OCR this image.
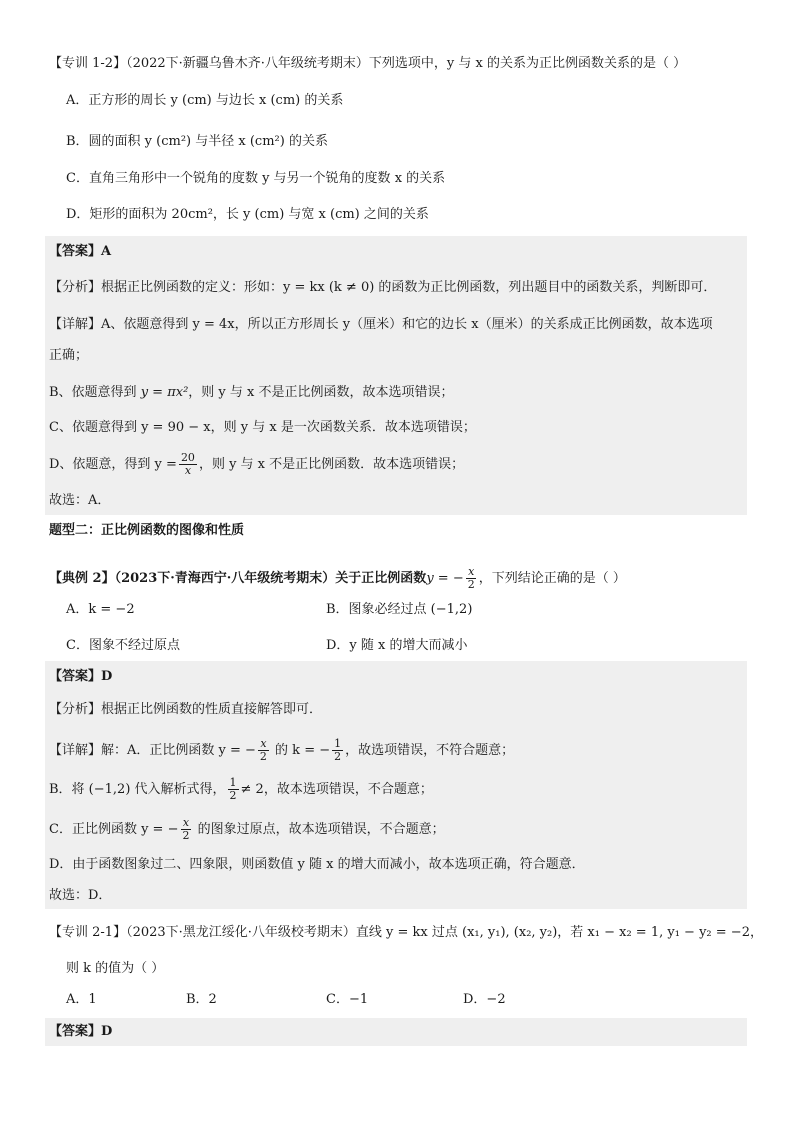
【专训 1-2】（2022下·新疆乌鲁木齐·八年级统考期末）下列选项中，y 与 x 的关系为正比例函数关系的是（ ）
A．正方形的周长 y (cm) 与边长 x (cm) 的关系
B．圆的面积 y (cm²) 与半径 x (cm²) 的关系
C．直角三角形中一个锐角的度数 y 与另一个锐角的度数 x 的关系
D．矩形的面积为 20cm²，长 y (cm) 与宽 x (cm) 之间的关系
【答案】A
【分析】根据正比例函数的定义：形如：y = kx (k ≠ 0) 的函数为正比例函数，列出题目中的函数关系，判断即可．
【详解】A、依题意得到 y = 4x，所以正方形周长 y（厘米）和它的边长 x（厘米）的关系成正比例函数，故本选项
正确；
B、依题意得到 y = πx²，则 y 与 x 不是正比例函数，故本选项错误；
C、依题意得到 y = 90 − x，则 y 与 x 是一次函数关系．故本选项错误；
D、依题意，得到 $y = \frac{20}{x}$ ，则 y 与 x 不是正比例函数．故本选项错误；
故选：A．
题型二：正比例函数的图像和性质
【典例 2】（2023下·青海西宁·八年级统考期末）关于正比例函数y = − $\frac{x}{2}$ ，下列结论正确的是（ ）
A．k = −2	B．图象必经过点 (−1,2)
C．图象不经过原点	D．y 随 x 的增大而减小
【答案】D
【分析】根据正比例函数的性质直接解答即可．
【详解】解：A．正比例函数 y = − $\frac{x}{2}$ 的 k = − $\frac{1}{2}$ ，故选项错误，不符合题意；
B．将 (−1,2) 代入解析式得， $\frac{1}{2} \ne 2$，故本选项错误，不合题意；
C．正比例函数 y = − $\frac{x}{2}$ 的图象过原点，故本选项错误，不合题意；
D．由于函数图象过二、四象限，则函数值 y 随 x 的增大而减小，故本选项正确，符合题意．
故选：D．
【专训 2-1】（2023下·黑龙江绥化·八年级校考期末）直线 y = kx 过点 (x₁, y₁), (x₂, y₂)，若 x₁ − x₂ = 1, y₁ − y₂ = −2，
则 k 的值为（ ）
A．1	B．2	C．−1	D．−2
【答案】D
